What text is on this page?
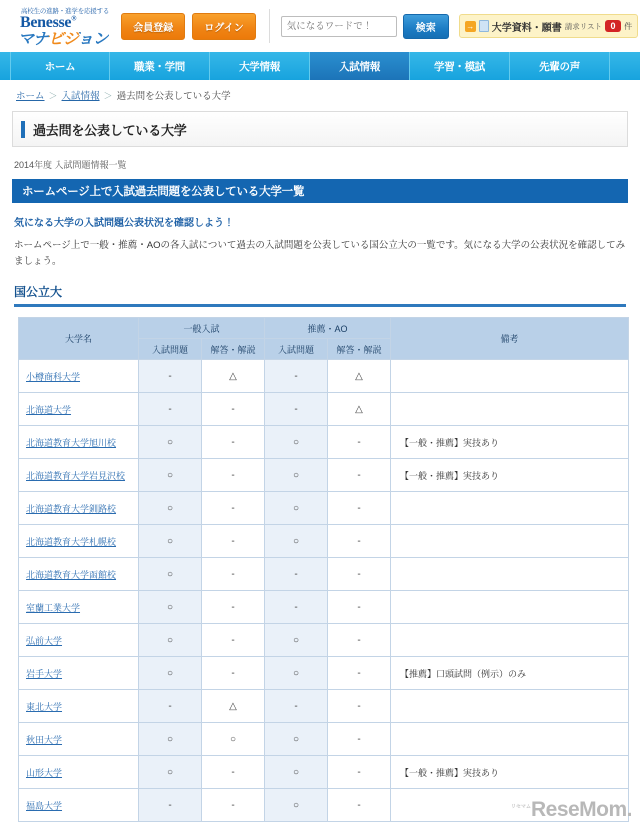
高校生の進路・進学を応援する
Benesse®
マナビジョン
会員登録	ログイン
気になるワードで！	検索	→ 大学資料・願書 請求リスト 0	件
ホーム	職業・学問	大学情報	入試情報	学習・模試	先輩の声
ホーム ＞ 入試情報 ＞ 過去問を公表している大学
過去問を公表している大学
2014年度 入試問題情報一覧
ホームページ上で入試過去問題を公表している大学一覧
気になる大学の入試問題公表状況を確認しよう！
ホームページ上で一般・推薦・AOの各入試について過去の入試問題を公表している国公立大の一覧です。気になる大学の公表状況を確認してみましょう。
国公立大
大学名	一般入試		推薦・AO		備考
	入試問題	解答・解説	入試問題	解答・解説	
小樽商科大学	-	△	-	△	
北海道大学	-	-	-	△	
北海道教育大学旭川校	○	-	○	-	【一般・推薦】実技あり
北海道教育大学岩見沢校	○	-	○	-	【一般・推薦】実技あり
北海道教育大学釧路校	○	-	○	-	
北海道教育大学札幌校	○	-	○	-	
北海道教育大学函館校	○	-	-	-	
室蘭工業大学	○	-	-	-	
弘前大学	○	-	○	-	
岩手大学	○	-	○	-	【推薦】口頭試問（例示）のみ
東北大学	-	△	-	-	
秋田大学	○	○	○	-	
山形大学	○	-	○	-	【一般・推薦】実技あり
福島大学	-	-	○	-		$^{リセマム}$ReseMom.
